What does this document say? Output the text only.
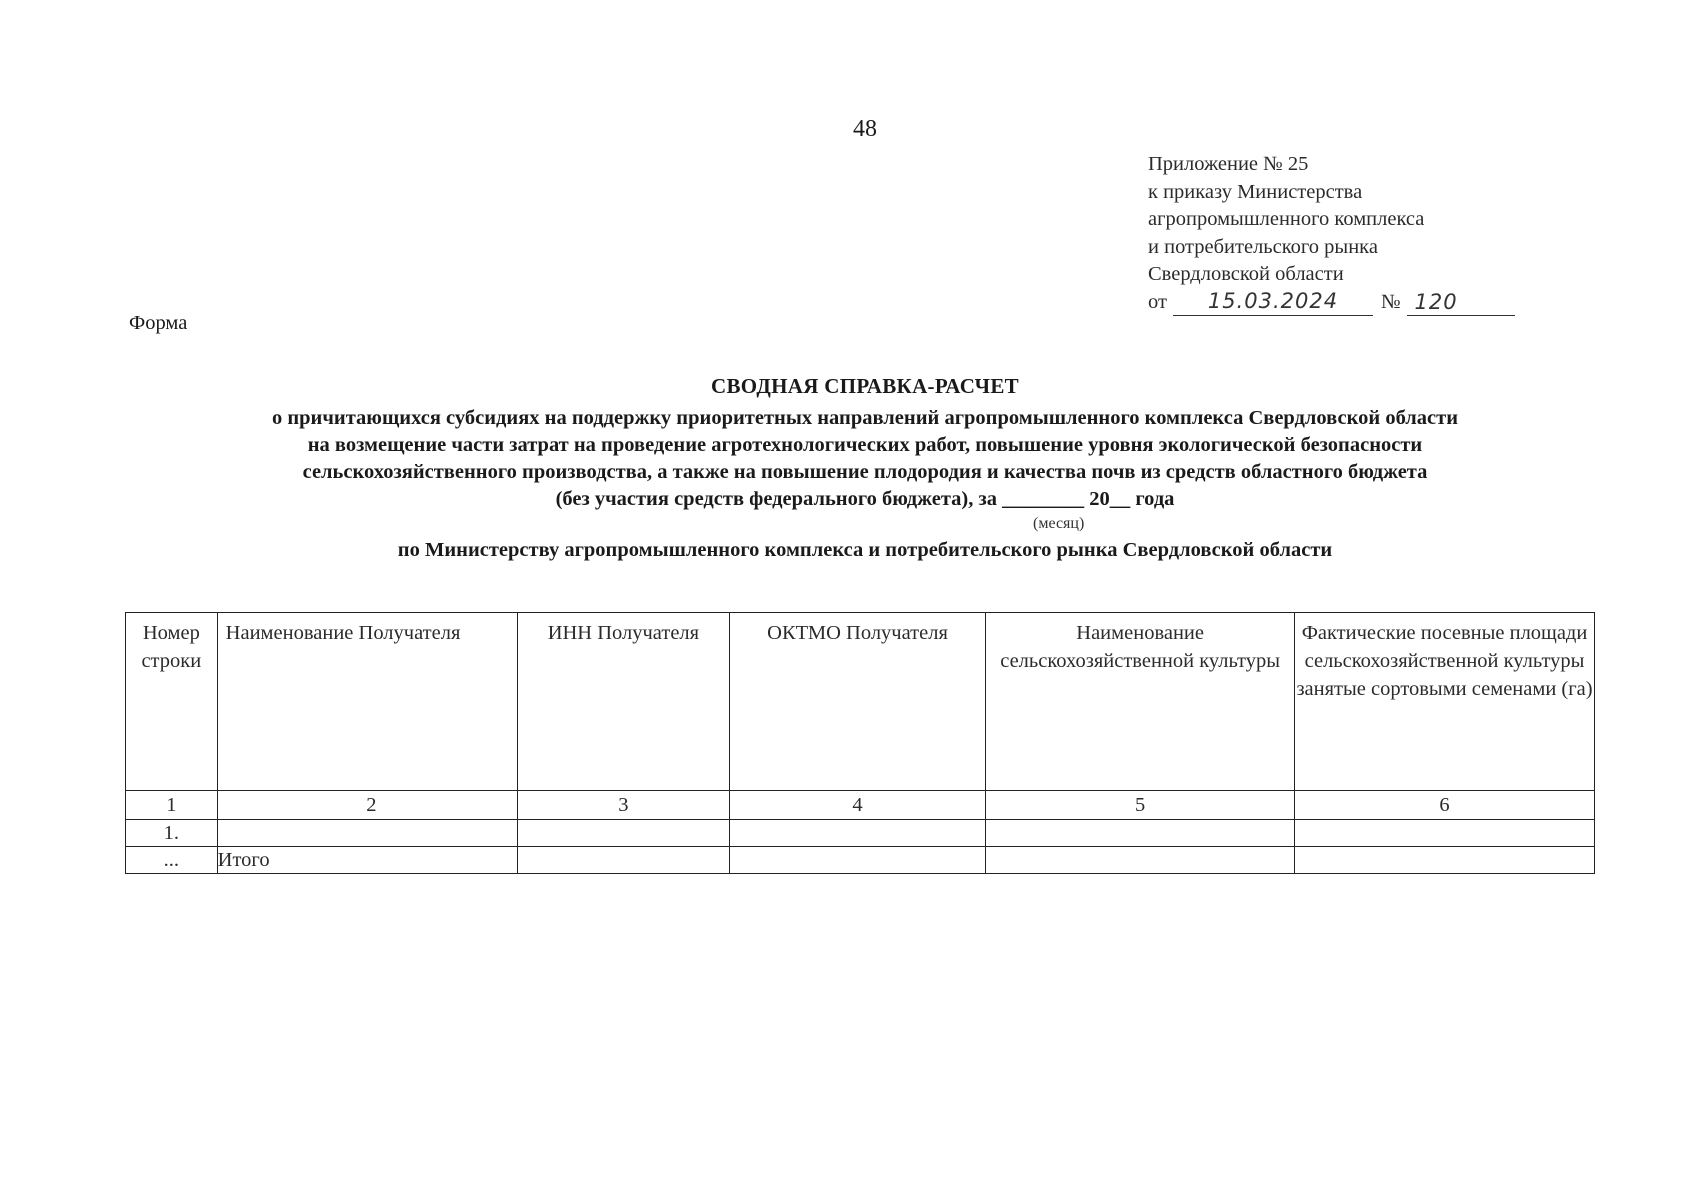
48
Приложение № 25
к приказу Министерства
агропромышленного комплекса
и потребительского рынка
Свердловской области
от	15.03.2024	№ 120
Форма
СВОДНАЯ СПРАВКА-РАСЧЕТ
о причитающихся субсидиях на поддержку приоритетных направлений агропромышленного комплекса Свердловской области
на возмещение части затрат на проведение агротехнологических работ, повышение уровня экологической безопасности
сельскохозяйственного производства, а также на повышение плодородия и качества почв из средств областного бюджета
(без участия средств федерального бюджета), за ________ 20__ года
(месяц)
по Министерству агропромышленного комплекса и потребительского рынка Свердловской области
Номер строки	Наименование Получателя	ИНН Получателя	ОКТМО Получателя	Наименование сельскохозяйственной культуры	Фактические посевные площади сельскохозяйственной культуры занятые сортовыми семенами (га)
1	2	3	4	5	6
1.					
...	Итого				
